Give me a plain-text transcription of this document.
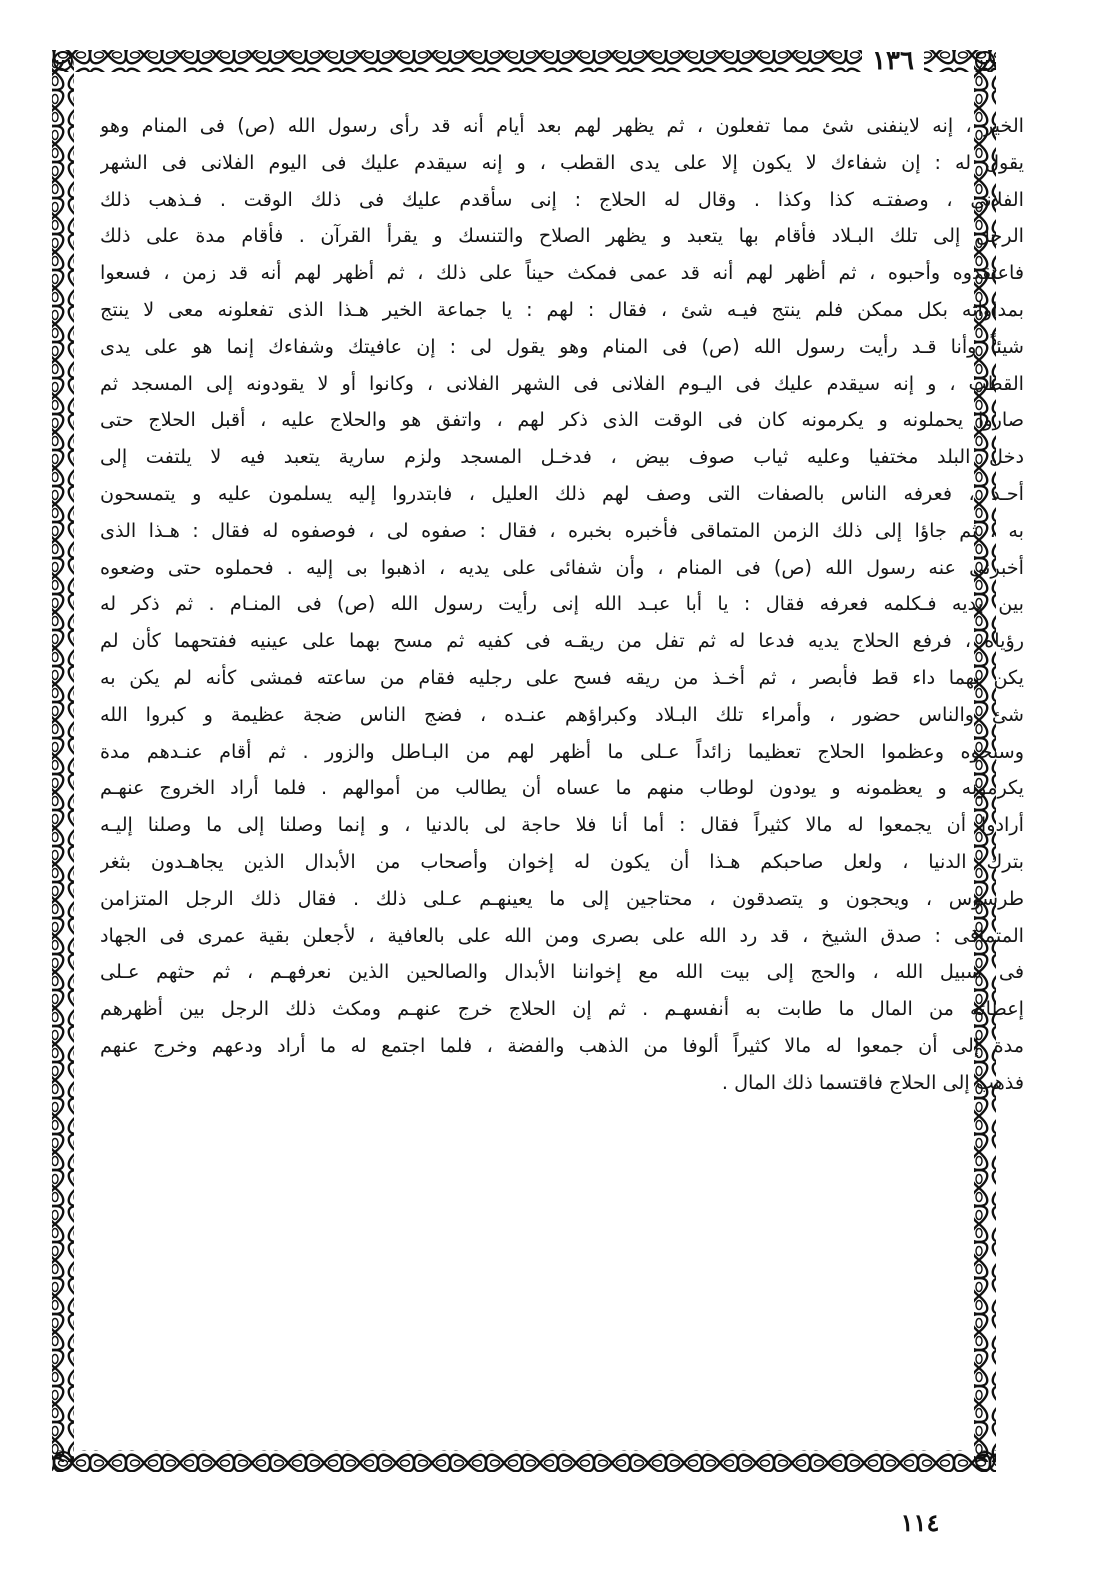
١٣٦
الخير ، إنه لاينفنى شئ مما تفعلون ، ثم يظهر لهم بعد أيام أنه قد رأى رسول الله (ص) فى المنام وهو
يقول له : إن شفاءك لا يكون إلا على يدى القطب ، و إنه سيقدم عليك فى اليوم الفلانى فى الشهر
الفلانى ، وصفتـه كذا وكذا . وقال له الحلاج : إنى سأقدم عليك فى ذلك الوقت . فـذهب ذلك
الرجل إلى تلك البـلاد فأقام بها يتعبد و يظهر الصلاح والتنسك و يقرأ القرآن . فأقام مدة على ذلك
فاعتقدوه وأحبوه ، ثم أظهر لهم أنه قد عمى فمكث حيناً على ذلك ، ثم أظهر لهم أنه قد زمن ، فسعوا
بمداواته بكل ممكن فلم ينتج فيـه شئ ، فقال : لهم : يا جماعة الخير هـذا الذى تفعلونه معى لا ينتج
شيئاً وأنا قـد رأيت رسول الله (ص) فى المنام وهو يقول لى : إن عافيتك وشفاءك إنما هو على يدى
القطب ، و إنه سيقدم عليك فى اليـوم الفلانى فى الشهر الفلانى ، وكانوا أو لا يقودونه إلى المسجد ثم
صاروا يحملونه و يكرمونه كان فى الوقت الذى ذكر لهم ، واتفق هو والحلاج عليه ، أقبل الحلاج حتى
دخل البلد مختفيا وعليه ثياب صوف بيض ، فدخـل المسجد ولزم سارية يتعبد فيه لا يلتفت إلى
أحـد ، فعرفه الناس بالصفات التى وصف لهم ذلك العليل ، فابتدروا إليه يسلمون عليه و يتمسحون
به ، ثم جاؤا إلى ذلك الزمن المتماقى فأخبره بخبره ، فقال : صفوه لى ، فوصفوه له فقال : هـذا الذى
أخبرنى عنه رسول الله (ص) فى المنام ، وأن شفائى على يديه ، اذهبوا بى إليه . فحملوه حتى وضعوه
بين يديه فـكلمه فعرفه فقال : يا أبا عبـد الله إنى رأيت رسول الله (ص) فى المنـام . ثم ذكر له
رؤياه ، فرفع الحلاج يديه فدعا له ثم تفل من ريقـه فى كفيه ثم مسح بهما على عينيه ففتحهما كأن لم
يكن بهما داء قط فأبصر ، ثم أخـذ من ريقه فسح على رجليه فقام من ساعته فمشى كأنه لم يكن به
شئ والناس حضور ، وأمراء تلك البـلاد وكبراؤهم عنـده ، فضج الناس ضجة عظيمة و كبروا الله
وسبحوه وعظموا الحلاج تعظيما زائداً عـلى ما أظهر لهم من البـاطل والزور . ثم أقام عنـدهم مدة
يكرمونه و يعظمونه و يودون لوطاب منهم ما عساه أن يطالب من أموالهم . فلما أراد الخروج عنهـم
أرادوا أن يجمعوا له مالا كثيراً فقال : أما أنا فلا حاجة لى بالدنيا ، و إنما وصلنا إلى ما وصلنا إليـه
بترك الدنيا ، ولعل صاحبكم هـذا أن يكون له إخوان وأصحاب من الأبدال الذين يجاهـدون بثغر
طرسوس ، ويحجون و يتصدقون ، محتاجين إلى ما يعينهـم عـلى ذلك . فقال ذلك الرجل المتزامن
المتماقى : صدق الشيخ ، قد رد الله على بصرى ومن الله على بالعافية ، لأجعلن بقية عمرى فى الجهاد
فى سبيل الله ، والحج إلى بيت الله مع إخواننا الأبدال والصالحين الذين نعرفهـم ، ثم حثهم عـلى
إعطائه من المال ما طابت به أنفسهـم . ثم إن الحلاج خرج عنهـم ومكث ذلك الرجل بين أظهرهم
مدة إلى أن جمعوا له مالا كثيراً ألوفا من الذهب والفضة ، فلما اجتمع له ما أراد ودعهم وخرج عنهم
فذهب إلى الحلاج فاقتسما ذلك المال .
١١٤
